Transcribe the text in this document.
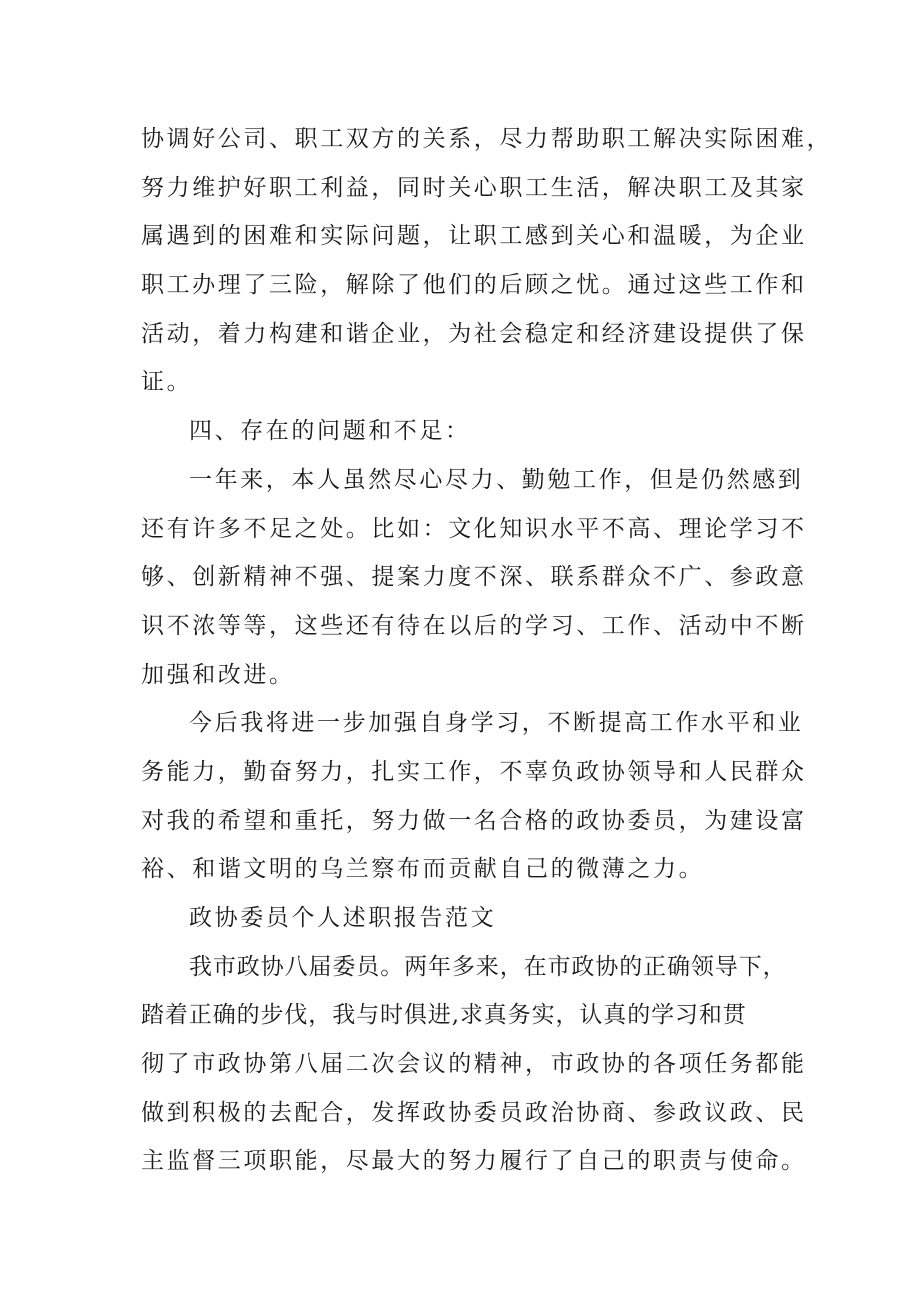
协调好公司、职工双方的关系，尽力帮助职工解决实际困难，
努力维护好职工利益，同时关心职工生活，解决职工及其家
属遇到的困难和实际问题，让职工感到关心和温暖，为企业
职工办理了三险，解除了他们的后顾之忧。通过这些工作和
活动，着力构建和谐企业，为社会稳定和经济建设提供了保
证。
四、存在的问题和不足：
一年来，本人虽然尽心尽力、勤勉工作，但是仍然感到
还有许多不足之处。比如：文化知识水平不高、理论学习不
够、创新精神不强、提案力度不深、联系群众不广、参政意
识不浓等等，这些还有待在以后的学习、工作、活动中不断
加强和改进。
今后我将进一步加强自身学习，不断提高工作水平和业
务能力，勤奋努力，扎实工作，不辜负政协领导和人民群众
对我的希望和重托，努力做一名合格的政协委员，为建设富
裕、和谐文明的乌兰察布而贡献自己的微薄之力。
政协委员个人述职报告范文
我市政协八届委员。两年多来，在市政协的正确领导下，
踏着正确的步伐，我与时俱进,求真务实，认真的学习和贯
彻了市政协第八届二次会议的精神，市政协的各项任务都能
做到积极的去配合，发挥政协委员政治协商、参政议政、民
主监督三项职能，尽最大的努力履行了自己的职责与使命。
